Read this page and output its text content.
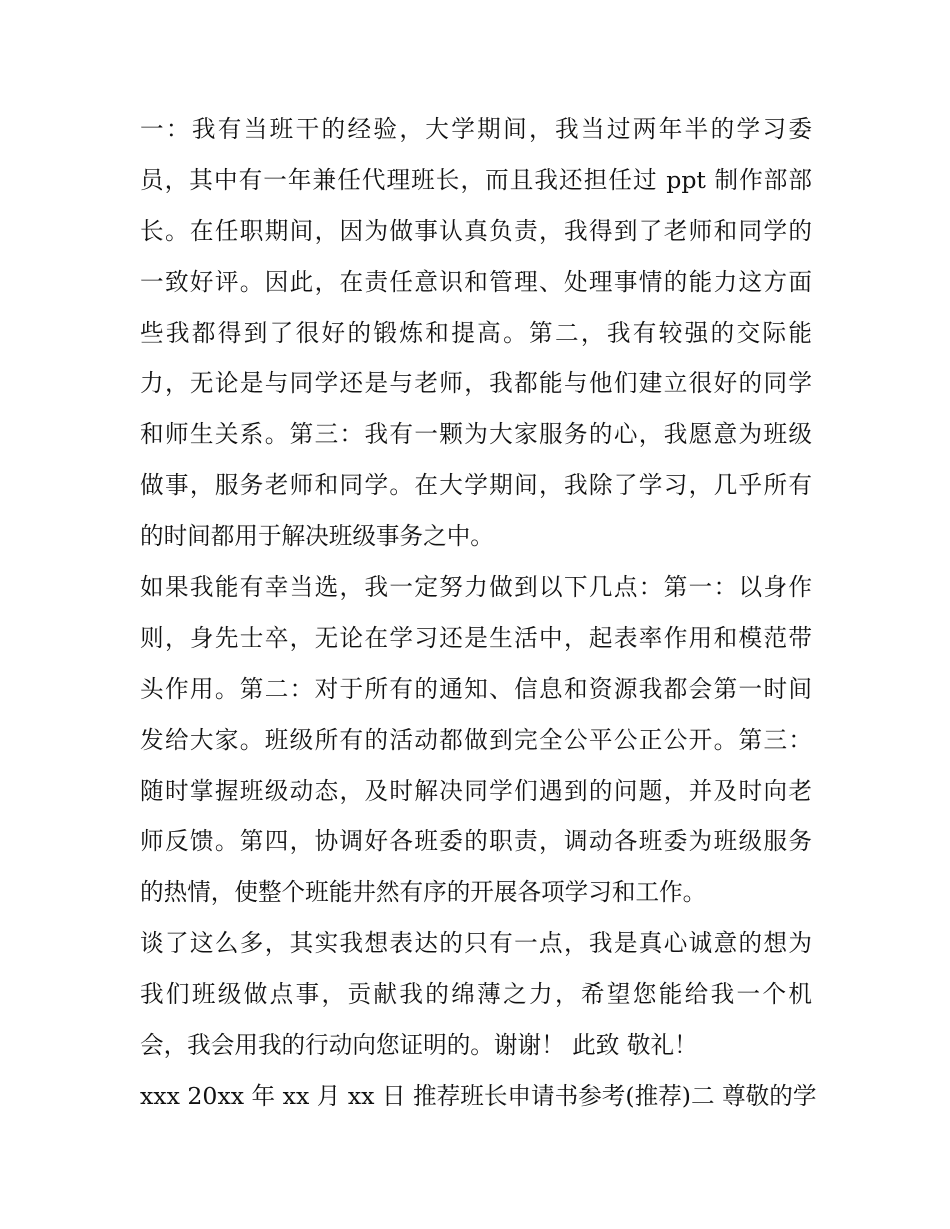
一：我有当班干的经验，大学期间，我当过两年半的学习委
员，其中有一年兼任代理班长，而且我还担任过 ppt 制作部部
长。在任职期间，因为做事认真负责，我得到了老师和同学的
一致好评。因此，在责任意识和管理、处理事情的能力这方面
些我都得到了很好的锻炼和提高。第二，我有较强的交际能
力，无论是与同学还是与老师，我都能与他们建立很好的同学
和师生关系。第三：我有一颗为大家服务的心，我愿意为班级
做事，服务老师和同学。在大学期间，我除了学习，几乎所有
的时间都用于解决班级事务之中。
如果我能有幸当选，我一定努力做到以下几点：第一：以身作
则，身先士卒，无论在学习还是生活中，起表率作用和模范带
头作用。第二：对于所有的通知、信息和资源我都会第一时间
发给大家。班级所有的活动都做到完全公平公正公开。第三：
随时掌握班级动态，及时解决同学们遇到的问题，并及时向老
师反馈。第四，协调好各班委的职责，调动各班委为班级服务
的热情，使整个班能井然有序的开展各项学习和工作。
谈了这么多，其实我想表达的只有一点，我是真心诚意的想为
我们班级做点事，贡献我的绵薄之力，希望您能给我一个机
会，我会用我的行动向您证明的。谢谢！ 此致 敬礼！
xxx 20xx 年 xx 月 xx 日 推荐班长申请书参考(推荐)二 尊敬的学
